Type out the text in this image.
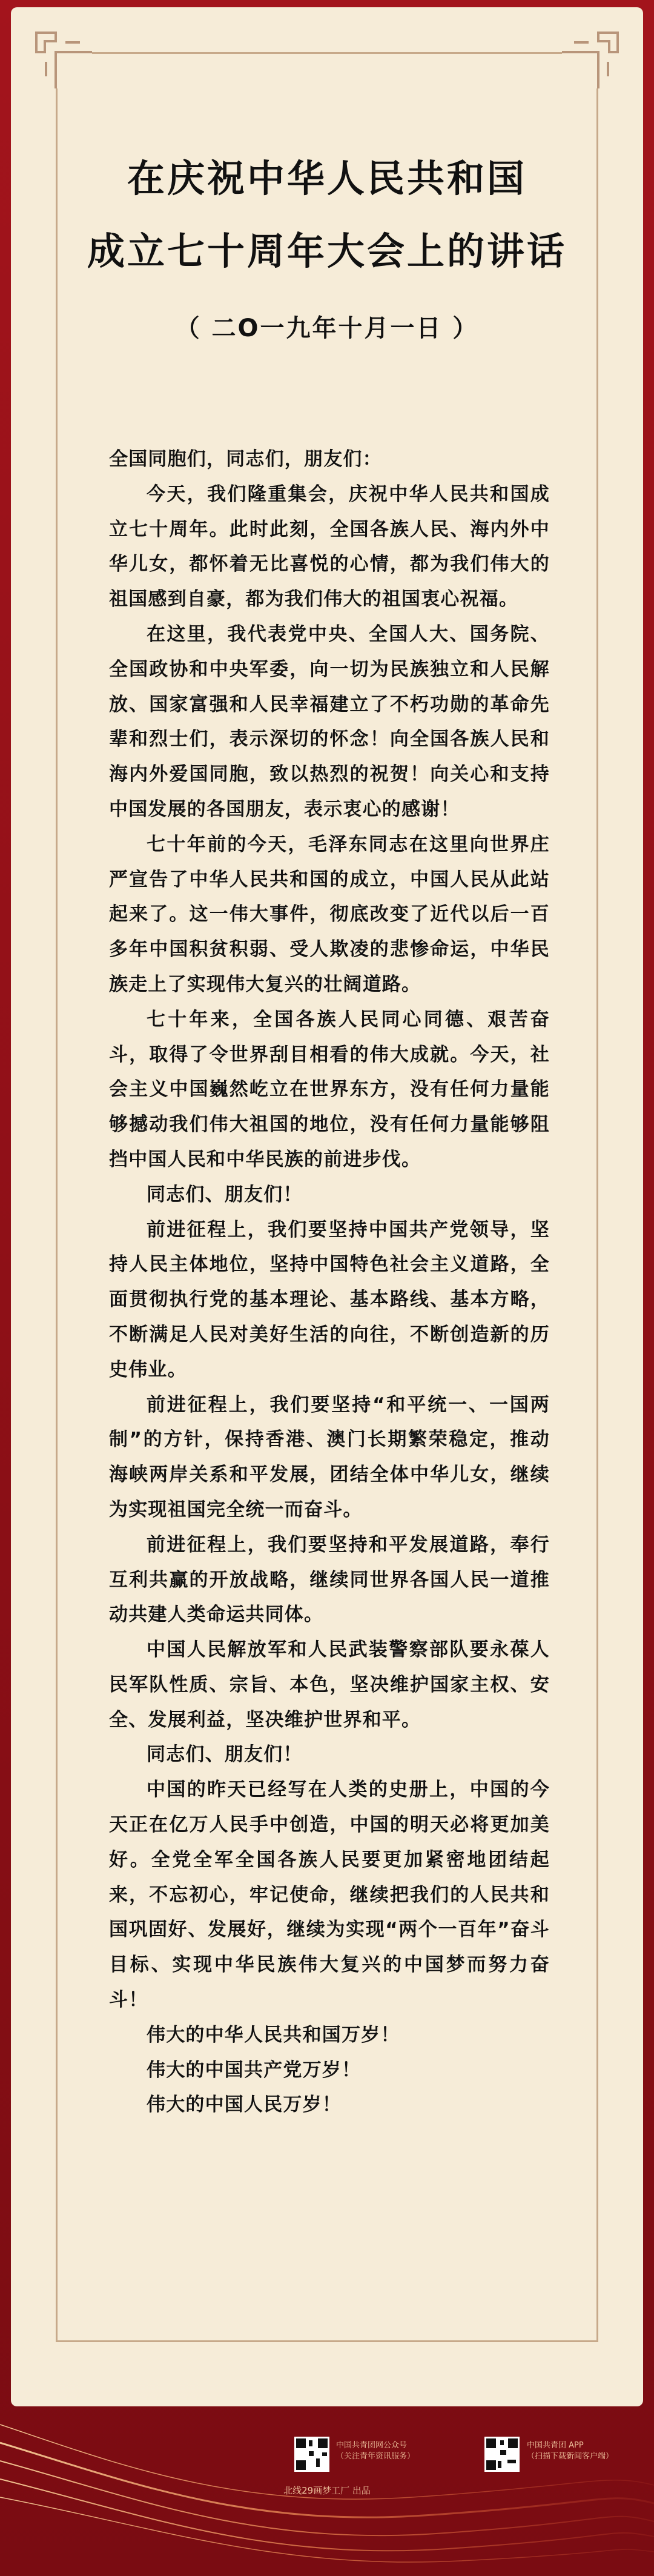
在庆祝中华人民共和国
成立七十周年大会上的讲话
（ 二O一九年十月一日 ）

全国同胞们，同志们，朋友们：

今天，我们隆重集会，庆祝中华人民共和国成立七十周年。此时此刻，全国各族人民、海内外中华儿女，都怀着无比喜悦的心情，都为我们伟大的祖国感到自豪，都为我们伟大的祖国衷心祝福。

在这里，我代表党中央、全国人大、国务院、全国政协和中央军委，向一切为民族独立和人民解放、国家富强和人民幸福建立了不朽功勋的革命先辈和烈士们，表示深切的怀念！向全国各族人民和海内外爱国同胞，致以热烈的祝贺！向关心和支持中国发展的各国朋友，表示衷心的感谢！

七十年前的今天，毛泽东同志在这里向世界庄严宣告了中华人民共和国的成立，中国人民从此站起来了。这一伟大事件，彻底改变了近代以后一百多年中国积贫积弱、受人欺凌的悲惨命运，中华民族走上了实现伟大复兴的壮阔道路。

七十年来，全国各族人民同心同德、艰苦奋斗，取得了令世界刮目相看的伟大成就。今天，社会主义中国巍然屹立在世界东方，没有任何力量能够撼动我们伟大祖国的地位，没有任何力量能够阻挡中国人民和中华民族的前进步伐。

同志们、朋友们！

前进征程上，我们要坚持中国共产党领导，坚持人民主体地位，坚持中国特色社会主义道路，全面贯彻执行党的基本理论、基本路线、基本方略，不断满足人民对美好生活的向往，不断创造新的历史伟业。

前进征程上，我们要坚持“和平统一、一国两制”的方针，保持香港、澳门长期繁荣稳定，推动海峡两岸关系和平发展，团结全体中华儿女，继续为实现祖国完全统一而奋斗。

前进征程上，我们要坚持和平发展道路，奉行互利共赢的开放战略，继续同世界各国人民一道推动共建人类命运共同体。

中国人民解放军和人民武装警察部队要永葆人民军队性质、宗旨、本色，坚决维护国家主权、安全、发展利益，坚决维护世界和平。

同志们、朋友们！

中国的昨天已经写在人类的史册上，中国的今天正在亿万人民手中创造，中国的明天必将更加美好。全党全军全国各族人民要更加紧密地团结起来，不忘初心，牢记使命，继续把我们的人民共和国巩固好、发展好，继续为实现“两个一百年”奋斗目标、实现中华民族伟大复兴的中国梦而努力奋斗！

伟大的中华人民共和国万岁！

伟大的中国共产党万岁！

伟大的中国人民万岁！

中国共青团网公众号
（关注青年资讯服务）
中国共青团 APP
（扫描下载新闻客户端）
北线29画梦工厂 出品
